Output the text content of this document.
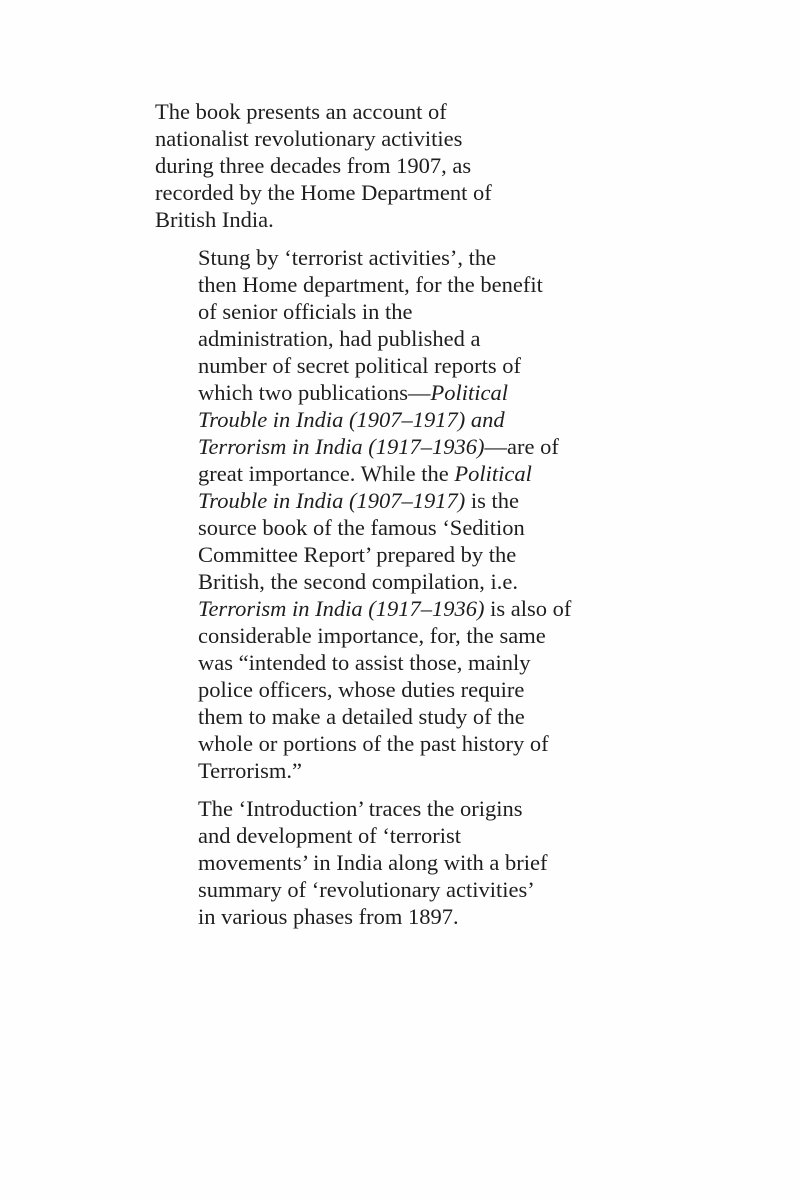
The book presents an account of
nationalist revolutionary activities
during three decades from 1907, as
recorded by the Home Department of
British India.

Stung by ‘terrorist activities’, the
then Home department, for the benefit
of senior officials in the
administration, had published a
number of secret political reports of
which two publications—Political
Trouble in India (1907–1917) and
Terrorism in India (1917–1936)—are of
great importance. While the Political
Trouble in India (1907–1917) is the
source book of the famous ‘Sedition
Committee Report’ prepared by the
British, the second compilation, i.e.
Terrorism in India (1917–1936) is also of
considerable importance, for, the same
was “intended to assist those, mainly
police officers, whose duties require
them to make a detailed study of the
whole or portions of the past history of
Terrorism.”

The ‘Introduction’ traces the origins
and development of ‘terrorist
movements’ in India along with a brief
summary of ‘revolutionary activities’
in various phases from 1897.
